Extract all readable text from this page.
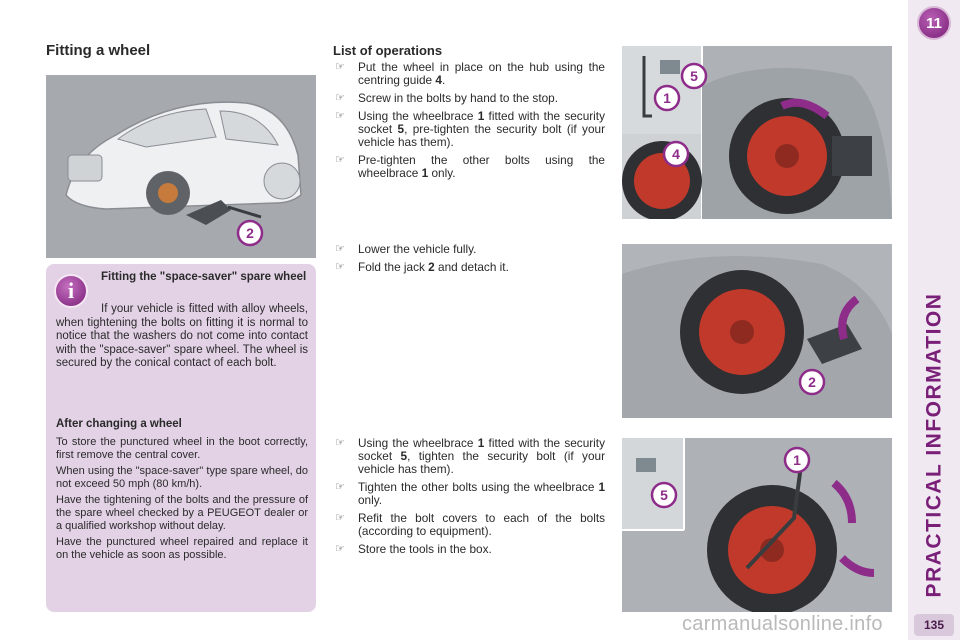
11
PRACTICAL INFORMATION
135
Fitting a wheel
2
i
Fitting the "space-saver" spare wheel
If your vehicle is fitted with alloy wheels, when tightening the bolts on fitting it is normal to notice that the washers do not come into contact with the "space-saver" spare wheel. The wheel is secured by the conical contact of each bolt.
After changing a wheel

To store the punctured wheel in the boot correctly, first remove the central cover.

When using the "space-saver" type spare wheel, do not exceed 50 mph (80 km/h).

Have the tightening of the bolts and the pressure of the spare wheel checked by a PEUGEOT dealer or a qualified workshop without delay.

Have the punctured wheel repaired and replace it on the vehicle as soon as possible.

List of operations
☞ Put the wheel in place on the hub using the centring guide 4.
☞ Screw in the bolts by hand to the stop.
☞ Using the wheelbrace 1 fitted with the security socket 5, pre-tighten the security bolt (if your vehicle has them).
☞ Pre-tighten the other bolts using the wheelbrace 1 only.
☞ Lower the vehicle fully.
☞ Fold the jack 2 and detach it.
☞ Using the wheelbrace 1 fitted with the security socket 5, tighten the security bolt (if your vehicle has them).
☞ Tighten the other bolts using the wheelbrace 1 only.
☞ Refit the bolt covers to each of the bolts (according to equipment).
☞ Store the tools in the box.
5
1
4
2
1
5
carmanualsonline.info
